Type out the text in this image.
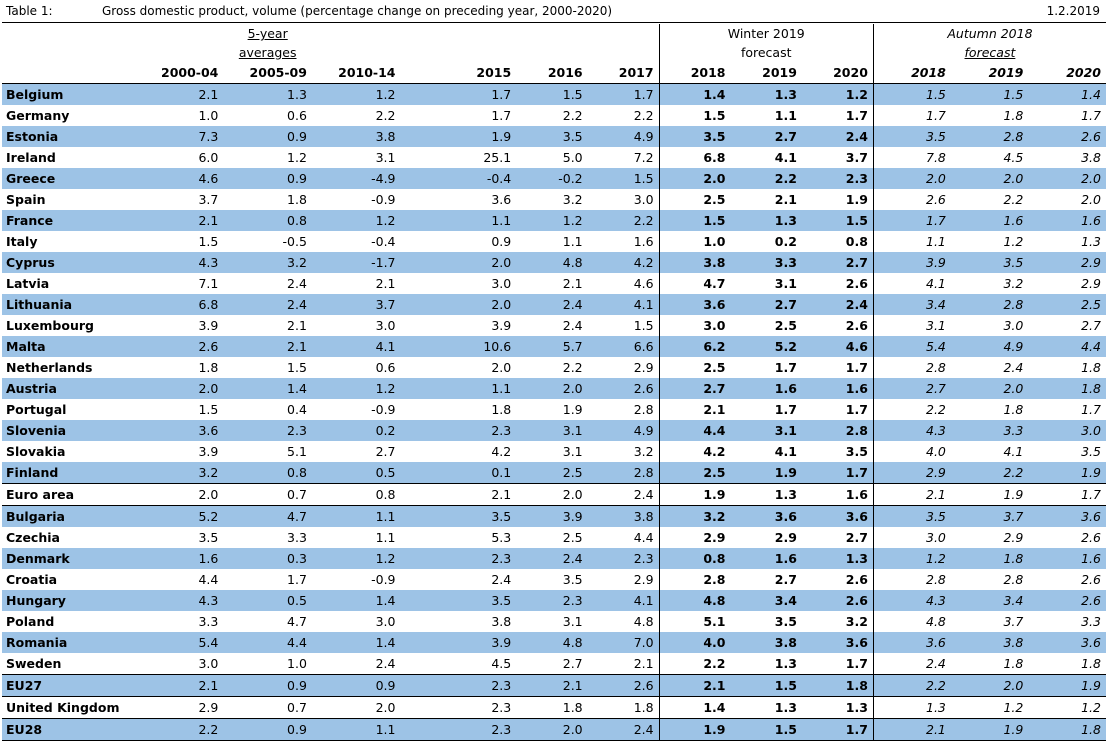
Table 1:	Gross domestic product, volume (percentage change on preceding year, 2000-2020)	1.2.2019
	5-year							Winter 2019			Autumn 2018		
	averages							forecast			forecast		
	2000-04	2005-09	2010-14		2015	2016	2017	2018	2019	2020	2018	2019	2020
Belgium	2.1	1.3	1.2		1.7	1.5	1.7	1.4	1.3	1.2	1.5	1.5	1.4
Germany	1.0	0.6	2.2		1.7	2.2	2.2	1.5	1.1	1.7	1.7	1.8	1.7
Estonia	7.3	0.9	3.8		1.9	3.5	4.9	3.5	2.7	2.4	3.5	2.8	2.6
Ireland	6.0	1.2	3.1		25.1	5.0	7.2	6.8	4.1	3.7	7.8	4.5	3.8
Greece	4.6	0.9	-4.9		-0.4	-0.2	1.5	2.0	2.2	2.3	2.0	2.0	2.0
Spain	3.7	1.8	-0.9		3.6	3.2	3.0	2.5	2.1	1.9	2.6	2.2	2.0
France	2.1	0.8	1.2		1.1	1.2	2.2	1.5	1.3	1.5	1.7	1.6	1.6
Italy	1.5	-0.5	-0.4		0.9	1.1	1.6	1.0	0.2	0.8	1.1	1.2	1.3
Cyprus	4.3	3.2	-1.7		2.0	4.8	4.2	3.8	3.3	2.7	3.9	3.5	2.9
Latvia	7.1	2.4	2.1		3.0	2.1	4.6	4.7	3.1	2.6	4.1	3.2	2.9
Lithuania	6.8	2.4	3.7		2.0	2.4	4.1	3.6	2.7	2.4	3.4	2.8	2.5
Luxembourg	3.9	2.1	3.0		3.9	2.4	1.5	3.0	2.5	2.6	3.1	3.0	2.7
Malta	2.6	2.1	4.1		10.6	5.7	6.6	6.2	5.2	4.6	5.4	4.9	4.4
Netherlands	1.8	1.5	0.6		2.0	2.2	2.9	2.5	1.7	1.7	2.8	2.4	1.8
Austria	2.0	1.4	1.2		1.1	2.0	2.6	2.7	1.6	1.6	2.7	2.0	1.8
Portugal	1.5	0.4	-0.9		1.8	1.9	2.8	2.1	1.7	1.7	2.2	1.8	1.7
Slovenia	3.6	2.3	0.2		2.3	3.1	4.9	4.4	3.1	2.8	4.3	3.3	3.0
Slovakia	3.9	5.1	2.7		4.2	3.1	3.2	4.2	4.1	3.5	4.0	4.1	3.5
Finland	3.2	0.8	0.5		0.1	2.5	2.8	2.5	1.9	1.7	2.9	2.2	1.9
Euro area	2.0	0.7	0.8		2.1	2.0	2.4	1.9	1.3	1.6	2.1	1.9	1.7
Bulgaria	5.2	4.7	1.1		3.5	3.9	3.8	3.2	3.6	3.6	3.5	3.7	3.6
Czechia	3.5	3.3	1.1		5.3	2.5	4.4	2.9	2.9	2.7	3.0	2.9	2.6
Denmark	1.6	0.3	1.2		2.3	2.4	2.3	0.8	1.6	1.3	1.2	1.8	1.6
Croatia	4.4	1.7	-0.9		2.4	3.5	2.9	2.8	2.7	2.6	2.8	2.8	2.6
Hungary	4.3	0.5	1.4		3.5	2.3	4.1	4.8	3.4	2.6	4.3	3.4	2.6
Poland	3.3	4.7	3.0		3.8	3.1	4.8	5.1	3.5	3.2	4.8	3.7	3.3
Romania	5.4	4.4	1.4		3.9	4.8	7.0	4.0	3.8	3.6	3.6	3.8	3.6
Sweden	3.0	1.0	2.4		4.5	2.7	2.1	2.2	1.3	1.7	2.4	1.8	1.8
EU27	2.1	0.9	0.9		2.3	2.1	2.6	2.1	1.5	1.8	2.2	2.0	1.9
United Kingdom	2.9	0.7	2.0		2.3	1.8	1.8	1.4	1.3	1.3	1.3	1.2	1.2
EU28	2.2	0.9	1.1		2.3	2.0	2.4	1.9	1.5	1.7	2.1	1.9	1.8
